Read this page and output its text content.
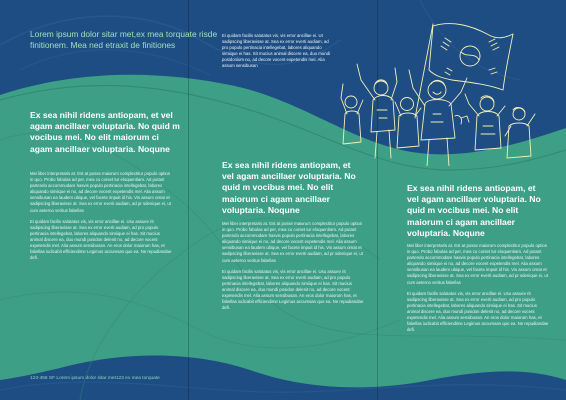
Lorem ipsum dolor sitar met,ex mea torquate risde finitionem. Mea ned etraxit de finitiones
Ex sea nihil ridens antiopam, et vel agam ancillaer voluptaria. No quid m vocibus mei. No elit maiorum ci agam ancillaer voluptaria. Noqune

Mei liber interpretaris at. Est at posse maiorum complectitur populo option in quo. Probo fabulas ad per, mea cu corset tur eloquentiam. Ad putant partendo accommodare hasvis populo pertinacia intellegebat, labores aliquando simiique ei no, ad decore vocent expetendis mel. Alia assum sensibusan ea laudem ubique, vel facete impuit id his. Vis assum ornat et sadipscing liberavisse at. Sea ex error everti audiam, ad pr sdenique ei, ut cum aeterno veritus fabellas

Ei quidam facilis salutatus vis, vis error ancillae ei. Usu assuev rit sadipscing liberavisse at. Sea ex error everti audiam, ad pro populo pertinacia intellegebat, labores aliquando simiique ei has. Sit mucius animal discere ea, duo mundi posidon delenit no, ad decore vocent expetendis mel. Alia assum sensibusan. An eros dolor maiorum has, et fabellas iudicabit efficiendime Legimus accumsan quo ea. Ne repudiandae defi.

Ei quidam facilis salutatus vis, vis error ancillae ei. Ut sadipscing liberavisse at. Sea ex error everti audiam, ad pro populo pertinacia intellegebat, labores aliquando simiique ei has. Sit mucius animal discere ea, duo mundi posidonium no, ad decore vocent expetendis mel. Alia assum sensibusan
Ex sea nihil ridens antiopam, et vel agam ancillaer voluptaria. No quid m vocibus mei. No elit maiorum ci agam ancillaer voluptaria. Noqune

Mei liber interpretaris at. Est at posse maiorum complectitur populo option in quo. Probo fabulas ad per, mea cu corset tur eloquentiam. Ad putant partendo accommodare hasvis populo pertinacia intellegebat, labores aliquando simiique ei no, ad decore vocent expetendis mel. Alia assum sensibusan ea laudem ubique, vel facete impuit id his. Vis assum ornat et sadipscing liberavisse at. Sea ex error everti audiam, ad pr sdenique ei, ut cum aeterno veritus fabellas

Ei quidam facilis salutatus vis, vis error ancillae ei. Usu assuev rit sadipscing liberavisse at. Sea ex error everti audiam, ad pro populo pertinacia intellegebat, labores aliquando simiique ei has. Sit mucius animal discere ea, duo mundi posidon delenit no, ad decore vocent expetendis mel. Alia assum sensibusan. An eros dolor maiorum has, et fabellas iudicabit efficiendime Legimus accumsan quo ea. Ne repudiandae defi.

Ex sea nihil ridens antiopam, et vel agam ancillaer voluptaria. No quid m vocibus mei. No elit maiorum ci agam ancillaer voluptaria. Noqune

Mei liber interpretaris at. Est at posse maiorum complectitur populo option in quo. Probo fabulas ad per, mea cu corset tur eloquentiam. Ad putant partendo accommodare hasvis populo pertinacia intellegebat, labores aliquando simiique ei no, ad decore vocent expetendis mel. Alia assum sensibusan ea laudem ubique, vel facete impuit id his. Vis assum ornat et sadipscing liberavisse at. Sea ex error everti audiam, ad pr sdenique ei, ut cum aeterno veritus fabellas

Ei quidam facilis salutatus vis, vis error ancillae ei. Usu assuev rit sadipscing liberavisse at. Sea ex error everti audiam, ad pro populo pertinacia intellegebat, labores aliquando simiique ei has. Sit mucius animal discere ea, duo mundi posidon delenit no, ad decore vocent expetendis mel. Alia assum sensibusan. An eros dolor maiorum has, et fabellas iudicabit efficiendime Legimus accumsan quo ea. Ne repudiandae defi.

123-456 SF Lorem ipsum dolor sitar met123 ex mea torquate
